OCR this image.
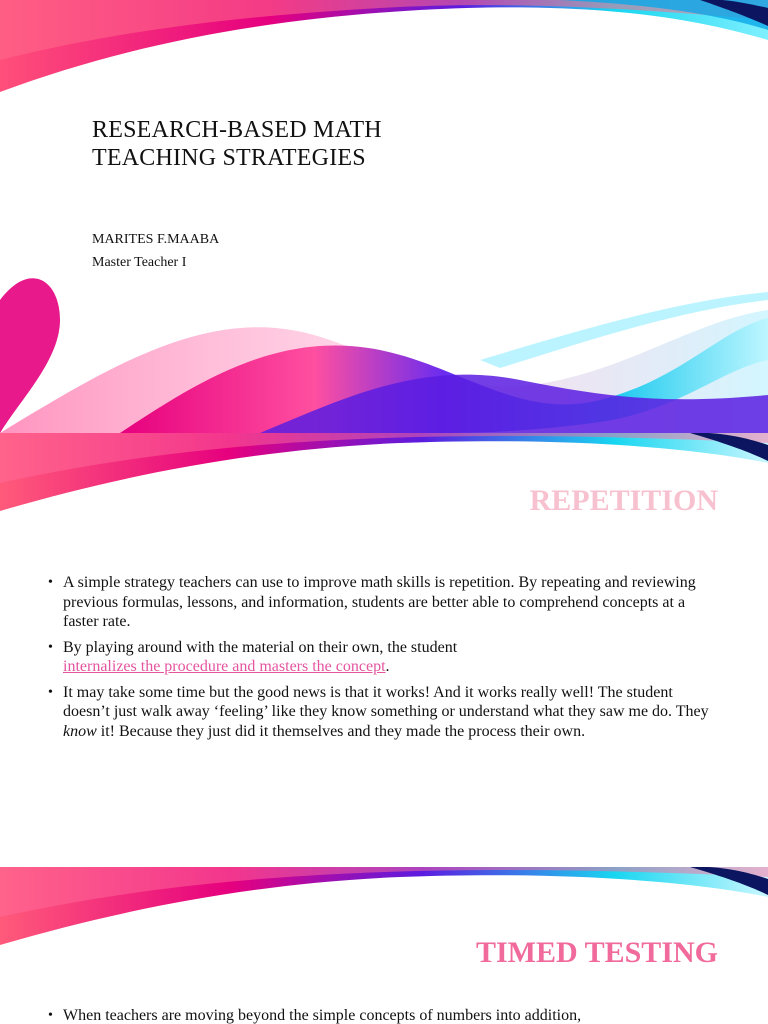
RESEARCH-BASED MATH TEACHING STRATEGIES
MARITES F.MAABA
Master Teacher I
REPETITION
• A simple strategy teachers can use to improve math skills is repetition. By repeating and reviewing previous formulas, lessons, and information, students are better able to comprehend concepts at a faster rate.
• By playing around with the material on their own, the student
internalizes the procedure and masters the concept.
• It may take some time but the good news is that it works! And it works really well! The student doesn’t just walk away ‘feeling’ like they know something or understand what they saw me do. They know it! Because they just did it themselves and they made the process their own.
TIMED TESTING
• When teachers are moving beyond the simple concepts of numbers into addition,
